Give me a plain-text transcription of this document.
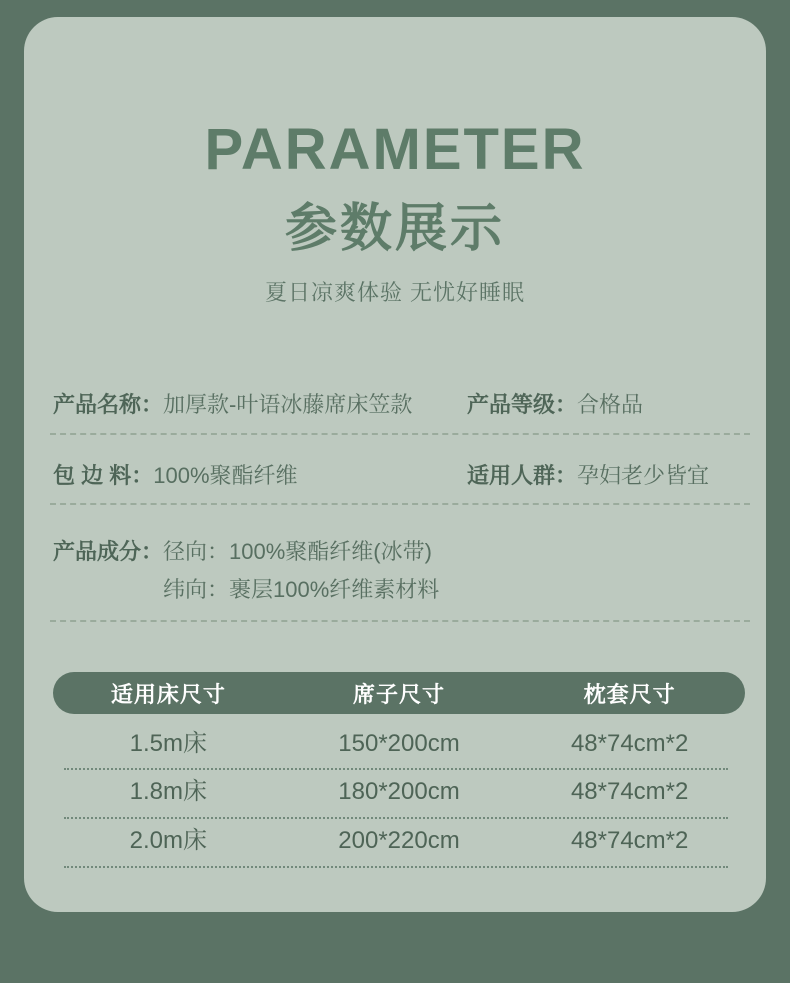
PARAMETER
参数展示
夏日凉爽体验 无忧好睡眠
产品名称：加厚款-叶语冰藤席床笠款 产品等级：合格品
包 边 料：100%聚酯纤维	适用人群：孕妇老少皆宜
产品成分： 径向：100%聚酯纤维(冰带)
纬向：裹层100%纤维素材料
适用床尺寸	席子尺寸	枕套尺寸
1.5m床	150*200cm	48*74cm*2
1.8m床	180*200cm	48*74cm*2
2.0m床	200*220cm	48*74cm*2
